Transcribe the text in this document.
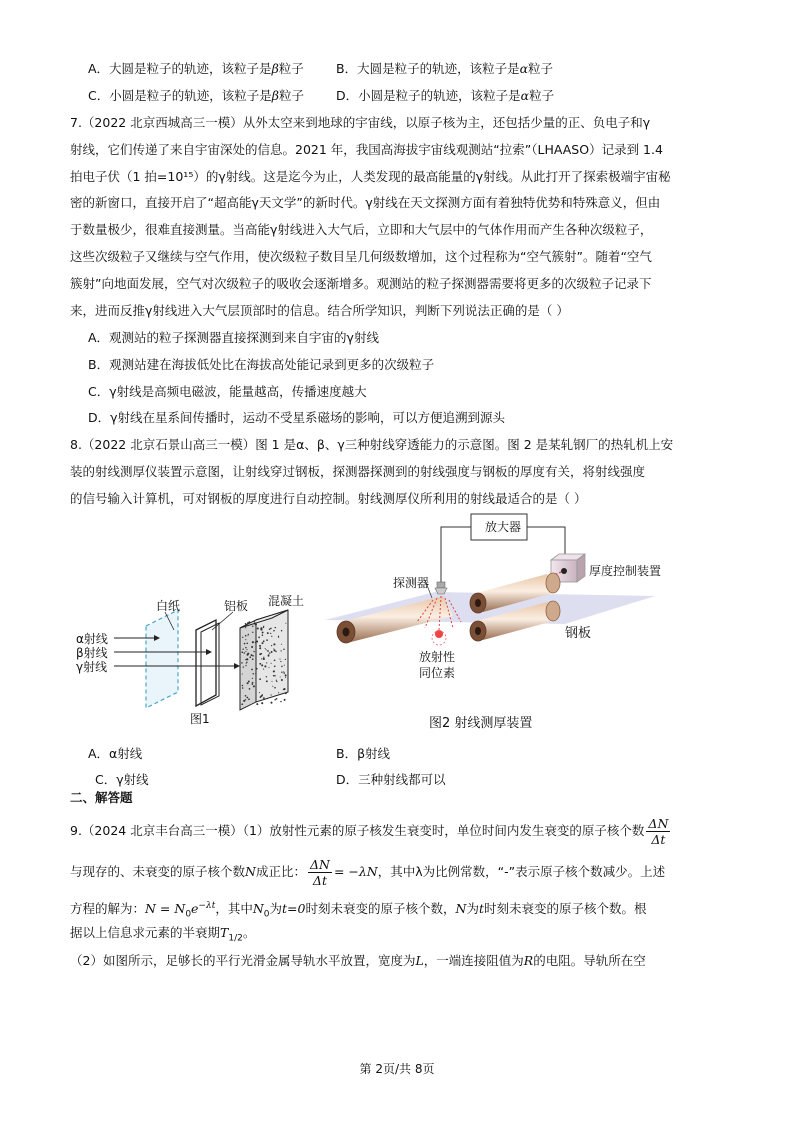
A．大圆是粒子的轨迹，该粒子是β粒子	B．大圆是粒子的轨迹，该粒子是α粒子
C．小圆是粒子的轨迹，该粒子是β粒子	D．小圆是粒子的轨迹，该粒子是α粒子
7.（2022 北京西城高三一模）从外太空来到地球的宇宙线，以原子核为主，还包括少量的正、负电子和γ
射线，它们传递了来自宇宙深处的信息。2021 年，我国高海拔宇宙线观测站“拉索”（LHAASO）记录到 1.4
拍电子伏（1 拍=10¹⁵）的γ射线。这是迄今为止，人类发现的最高能量的γ射线。从此打开了探索极端宇宙秘
密的新窗口，直接开启了“超高能γ天文学”的新时代。γ射线在天文探测方面有着独特优势和特殊意义，但由
于数量极少，很难直接测量。当高能γ射线进入大气后，立即和大气层中的气体作用而产生各种次级粒子，
这些次级粒子又继续与空气作用，使次级粒子数目呈几何级数增加，这个过程称为“空气簇射”。随着“空气
簇射”向地面发展，空气对次级粒子的吸收会逐渐增多。观测站的粒子探测器需要将更多的次级粒子记录下
来，进而反推γ射线进入大气层顶部时的信息。结合所学知识，判断下列说法正确的是（ ）
A．观测站的粒子探测器直接探测到来自宇宙的γ射线
B．观测站建在海拔低处比在海拔高处能记录到更多的次级粒子
C．γ射线是高频电磁波，能量越高，传播速度越大
D．γ射线在星系间传播时，运动不受星系磁场的影响，可以方便追溯到源头
8.（2022 北京石景山高三一模）图 1 是α、β、γ三种射线穿透能力的示意图。图 2 是某轧钢厂的热轧机上安
装的射线测厚仪装置示意图，让射线穿过钢板，探测器探测到的射线强度与钢板的厚度有关，将射线强度
的信号输入计算机，可对钢板的厚度进行自动控制。射线测厚仪所利用的射线最适合的是（ ）
α射线
β射线
γ射线
白纸	铝板 混凝土
图1
放大器
厚度控制装置
探测器
钢板
放射性
同位素
图2 射线测厚装置
A．α射线	B．β射线
C．γ射线	D．三种射线都可以
二、解答题
9.（2024 北京丰台高三一模）（1）放射性元素的原子核发生衰变时，单位时间内发生衰变的原子核个数 $\frac{\Delta N}{\Delta t}$
与现存的、未衰变的原子核个数N成正比： $\frac{\Delta N}{\Delta t} = -\lambda N$，其中λ为比例常数，“-”表示原子核个数减少。上述
方程的解为：$N = N_0e^{-\lambda t}$，其中$N_0$为t=0时刻未衰变的原子核个数，N为t时刻未衰变的原子核个数。根
据以上信息求元素的半衰期$T_{1/2}$。
（2）如图所示，足够长的平行光滑金属导轨水平放置，宽度为L，一端连接阻值为R的电阻。导轨所在空
第 2页/共 8页
